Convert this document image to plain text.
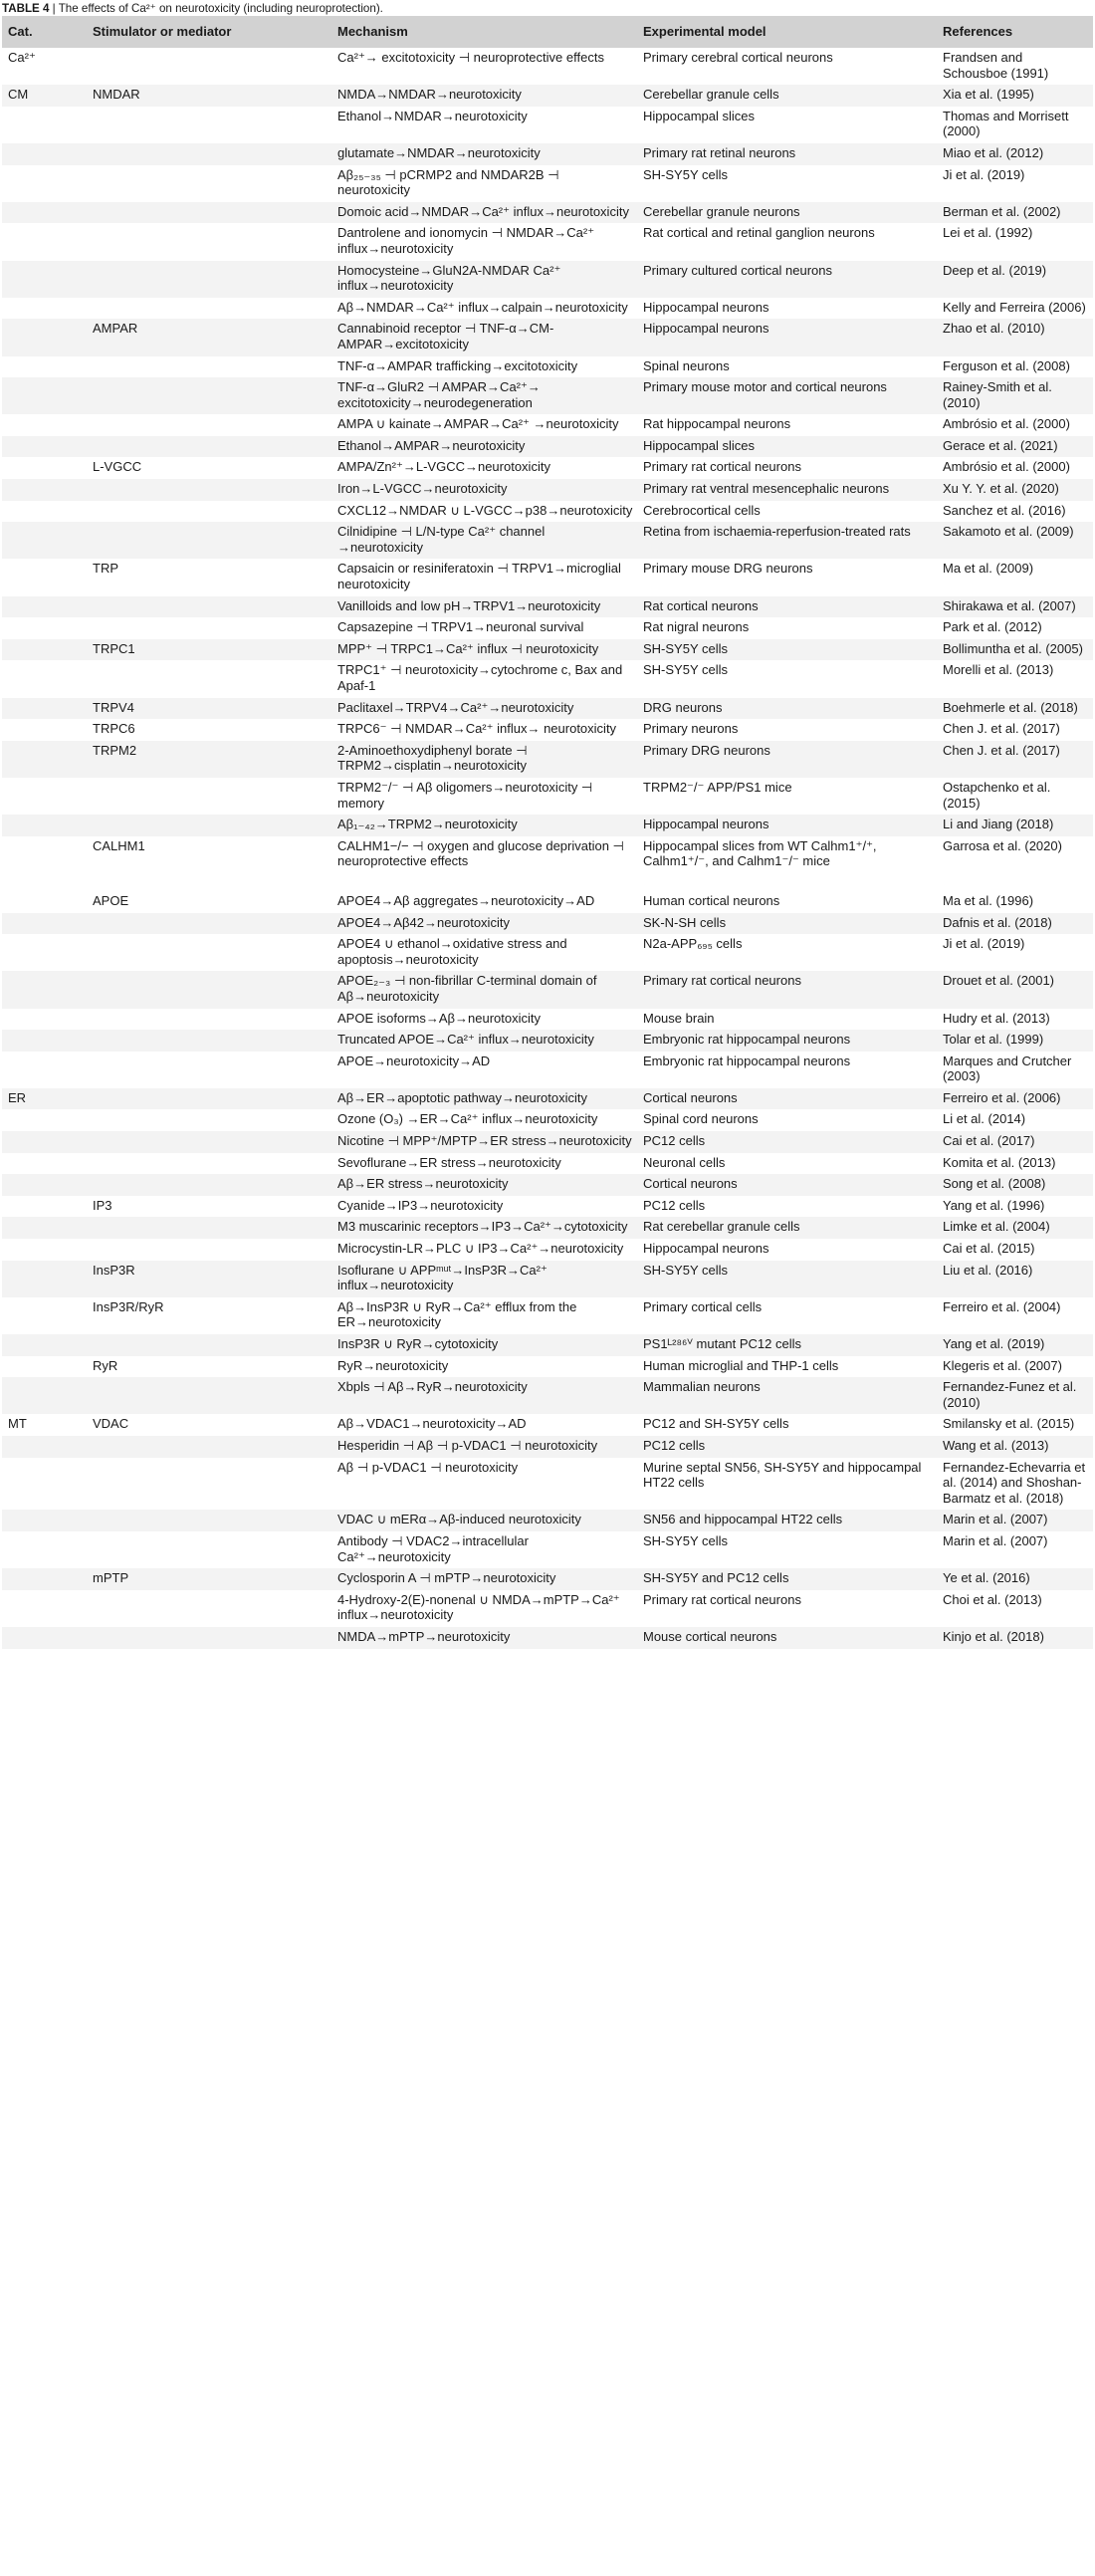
TABLE 4 | The effects of Ca²⁺ on neurotoxicity (including neuroprotection).
Cat.	Stimulator or mediator	Mechanism	Experimental model	References
Ca²⁺		Ca²⁺→ excitotoxicity ⊣ neuroprotective effects	Primary cerebral cortical neurons	Frandsen and Schousboe (1991)
CM	NMDAR	NMDA→NMDAR→neurotoxicity	Cerebellar granule cells	Xia et al. (1995)
		Ethanol→NMDAR→neurotoxicity	Hippocampal slices	Thomas and Morrisett (2000)
		glutamate→NMDAR→neurotoxicity	Primary rat retinal neurons	Miao et al. (2012)
		Aβ₂₅₋₃₅ ⊣ pCRMP2 and NMDAR2B ⊣ neurotoxicity	SH-SY5Y cells	Ji et al. (2019)
		Domoic acid→NMDAR→Ca²⁺ influx→neurotoxicity	Cerebellar granule neurons	Berman et al. (2002)
		Dantrolene and ionomycin ⊣ NMDAR→Ca²⁺ influx→neurotoxicity	Rat cortical and retinal ganglion neurons	Lei et al. (1992)
		Homocysteine→GluN2A-NMDAR Ca²⁺ influx→neurotoxicity	Primary cultured cortical neurons	Deep et al. (2019)
		Aβ→NMDAR→Ca²⁺ influx→calpain→neurotoxicity	Hippocampal neurons	Kelly and Ferreira (2006)
	AMPAR	Cannabinoid receptor ⊣ TNF-α→CM-AMPAR→excitotoxicity	Hippocampal neurons	Zhao et al. (2010)
		TNF-α→AMPAR trafficking→excitotoxicity	Spinal neurons	Ferguson et al. (2008)
		TNF-α→GluR2 ⊣ AMPAR→Ca²⁺→ excitotoxicity→neurodegeneration	Primary mouse motor and cortical neurons	Rainey-Smith et al. (2010)
		AMPA ∪ kainate→AMPAR→Ca²⁺ →neurotoxicity	Rat hippocampal neurons	Ambrósio et al. (2000)
		Ethanol→AMPAR→neurotoxicity	Hippocampal slices	Gerace et al. (2021)
	L-VGCC	AMPA/Zn²⁺→L-VGCC→neurotoxicity	Primary rat cortical neurons	Ambrósio et al. (2000)
		Iron→L-VGCC→neurotoxicity	Primary rat ventral mesencephalic neurons	Xu Y. Y. et al. (2020)
		CXCL12→NMDAR ∪ L-VGCC→p38→neurotoxicity	Cerebrocortical cells	Sanchez et al. (2016)
		Cilnidipine ⊣ L/N-type Ca²⁺ channel →neurotoxicity	Retina from ischaemia-reperfusion-treated rats	Sakamoto et al. (2009)
	TRP	Capsaicin or resiniferatoxin ⊣ TRPV1→microglial neurotoxicity	Primary mouse DRG neurons	Ma et al. (2009)
		Vanilloids and low pH→TRPV1→neurotoxicity	Rat cortical neurons	Shirakawa et al. (2007)
		Capsazepine ⊣ TRPV1→neuronal survival	Rat nigral neurons	Park et al. (2012)
	TRPC1	MPP⁺ ⊣ TRPC1→Ca²⁺ influx ⊣ neurotoxicity	SH-SY5Y cells	Bollimuntha et al. (2005)
		TRPC1⁺ ⊣ neurotoxicity→cytochrome c, Bax and Apaf-1	SH-SY5Y cells	Morelli et al. (2013)
	TRPV4	Paclitaxel→TRPV4→Ca²⁺→neurotoxicity	DRG neurons	Boehmerle et al. (2018)
	TRPC6	TRPC6⁻ ⊣ NMDAR→Ca²⁺ influx→ neurotoxicity	Primary neurons	Chen J. et al. (2017)
	TRPM2	2-Aminoethoxydiphenyl borate ⊣ TRPM2→cisplatin→neurotoxicity	Primary DRG neurons	Chen J. et al. (2017)
		TRPM2⁻/⁻ ⊣ Aβ oligomers→neurotoxicity ⊣ memory	TRPM2⁻/⁻ APP/PS1 mice	Ostapchenko et al. (2015)
		Aβ₁₋₄₂→TRPM2→neurotoxicity	Hippocampal neurons	Li and Jiang (2018)
	CALHM1	CALHM1−/− ⊣ oxygen and glucose deprivation ⊣ neuroprotective effects	Hippocampal slices from WT Calhm1⁺/⁺, Calhm1⁺/⁻, and Calhm1⁻/⁻ mice	Garrosa et al. (2020)

	APOE	APOE4→Aβ aggregates→neurotoxicity→AD	Human cortical neurons	Ma et al. (1996)
		APOE4→Aβ42→neurotoxicity	SK-N-SH cells	Dafnis et al. (2018)
		APOE4 ∪ ethanol→oxidative stress and apoptosis→neurotoxicity	N2a-APP₆₉₅ cells	Ji et al. (2019)
		APOE₂₋₃ ⊣ non-fibrillar C-terminal domain of Aβ→neurotoxicity	Primary rat cortical neurons	Drouet et al. (2001)
		APOE isoforms→Aβ→neurotoxicity	Mouse brain	Hudry et al. (2013)
		Truncated APOE→Ca²⁺ influx→neurotoxicity	Embryonic rat hippocampal neurons	Tolar et al. (1999)
		APOE→neurotoxicity→AD	Embryonic rat hippocampal neurons	Marques and Crutcher (2003)
ER		Aβ→ER→apoptotic pathway→neurotoxicity	Cortical neurons	Ferreiro et al. (2006)
		Ozone (O₃) →ER→Ca²⁺ influx→neurotoxicity	Spinal cord neurons	Li et al. (2014)
		Nicotine ⊣ MPP⁺/MPTP→ER stress→neurotoxicity	PC12 cells	Cai et al. (2017)
		Sevoflurane→ER stress→neurotoxicity	Neuronal cells	Komita et al. (2013)
		Aβ→ER stress→neurotoxicity	Cortical neurons	Song et al. (2008)
	IP3	Cyanide→IP3→neurotoxicity	PC12 cells	Yang et al. (1996)
		M3 muscarinic receptors→IP3→Ca²⁺→cytotoxicity	Rat cerebellar granule cells	Limke et al. (2004)
		Microcystin-LR→PLC ∪ IP3→Ca²⁺→neurotoxicity	Hippocampal neurons	Cai et al. (2015)
	InsP3R	Isoflurane ∪ APPᵐᵘᵗ→InsP3R→Ca²⁺ influx→neurotoxicity	SH-SY5Y cells	Liu et al. (2016)
	InsP3R/RyR	Aβ→InsP3R ∪ RyR→Ca²⁺ efflux from the ER→neurotoxicity	Primary cortical cells	Ferreiro et al. (2004)
		InsP3R ∪ RyR→cytotoxicity	PS1ᴸ²⁸⁶ⱽ mutant PC12 cells	Yang et al. (2019)
	RyR	RyR→neurotoxicity	Human microglial and THP-1 cells	Klegeris et al. (2007)
		Xbpls ⊣ Aβ→RyR→neurotoxicity	Mammalian neurons	Fernandez-Funez et al. (2010)
MT	VDAC	Aβ→VDAC1→neurotoxicity→AD	PC12 and SH-SY5Y cells	Smilansky et al. (2015)
		Hesperidin ⊣ Aβ ⊣ p-VDAC1 ⊣ neurotoxicity	PC12 cells	Wang et al. (2013)
		Aβ ⊣ p-VDAC1 ⊣ neurotoxicity	Murine septal SN56, SH-SY5Y and hippocampal HT22 cells	Fernandez-Echevarria et al. (2014) and Shoshan-Barmatz et al. (2018)
		VDAC ∪ mERα→Aβ-induced neurotoxicity	SN56 and hippocampal HT22 cells	Marin et al. (2007)
		Antibody ⊣ VDAC2→intracellular Ca²⁺→neurotoxicity	SH-SY5Y cells	Marin et al. (2007)
	mPTP	Cyclosporin A ⊣ mPTP→neurotoxicity	SH-SY5Y and PC12 cells	Ye et al. (2016)
		4-Hydroxy-2(E)-nonenal ∪ NMDA→mPTP→Ca²⁺ influx→neurotoxicity	Primary rat cortical neurons	Choi et al. (2013)
		NMDA→mPTP→neurotoxicity	Mouse cortical neurons	Kinjo et al. (2018)
